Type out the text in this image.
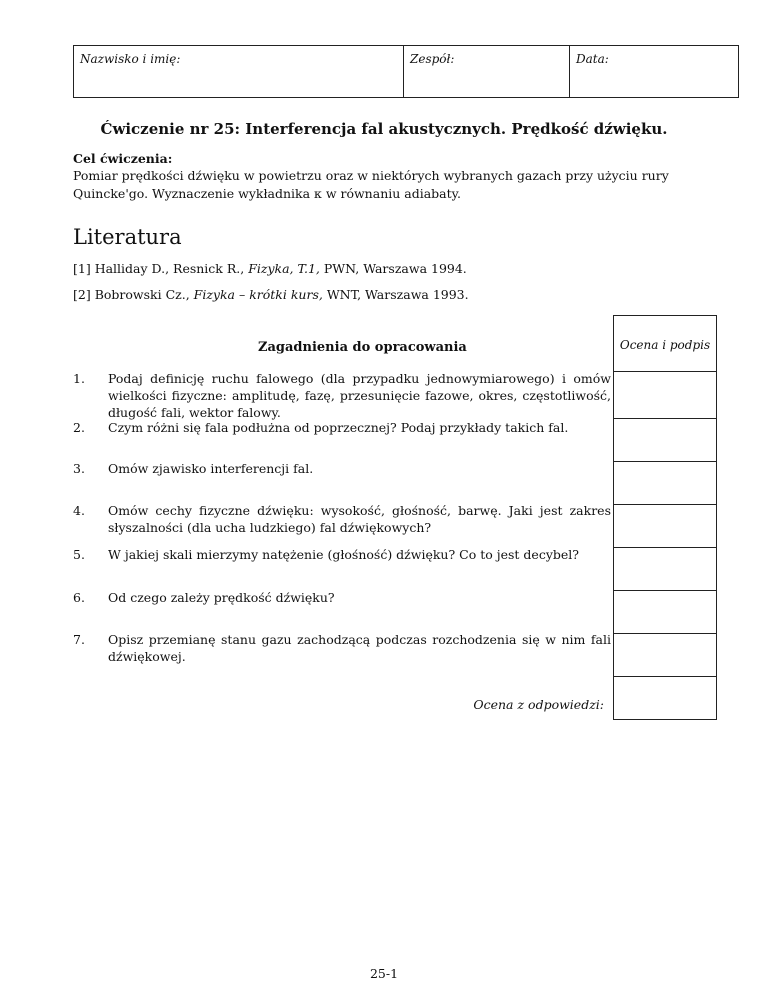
Nazwisko i imię:	Zespół:	Data:
Ćwiczenie nr 25: Interferencja fal akustycznych. Prędkość dźwięku.
Cel ćwiczenia:
Pomiar prędkości dźwięku w powietrzu oraz w niektórych wybranych gazach przy użyciu rury Quincke'go. Wyznaczenie wykładnika κ w równaniu adiabaty.
Literatura
[1] Halliday D., Resnick R., Fizyka, T.1, PWN, Warszawa 1994.
[2] Bobrowski Cz., Fizyka – krótki kurs, WNT, Warszawa 1993.
Ocena i podpis
Zagadnienia do opracowania
1. Podaj definicję ruchu falowego (dla przypadku jednowymiarowego) i omów wielkości fizyczne: amplitudę, fazę, przesunięcie fazowe, okres, częstotliwość, długość fali, wektor falowy.
2. Czym różni się fala podłużna od poprzecznej? Podaj przykłady takich fal.
3. Omów zjawisko interferencji fal.
4. Omów cechy fizyczne dźwięku: wysokość, głośność, barwę. Jaki jest zakres słyszalności (dla ucha ludzkiego) fal dźwiękowych?
5. W jakiej skali mierzymy natężenie (głośność) dźwięku? Co to jest decybel?
6. Od czego zależy prędkość dźwięku?
7. Opisz przemianę stanu gazu zachodzącą podczas rozchodzenia się w nim fali dźwiękowej.
Ocena z odpowiedzi:
25-1
